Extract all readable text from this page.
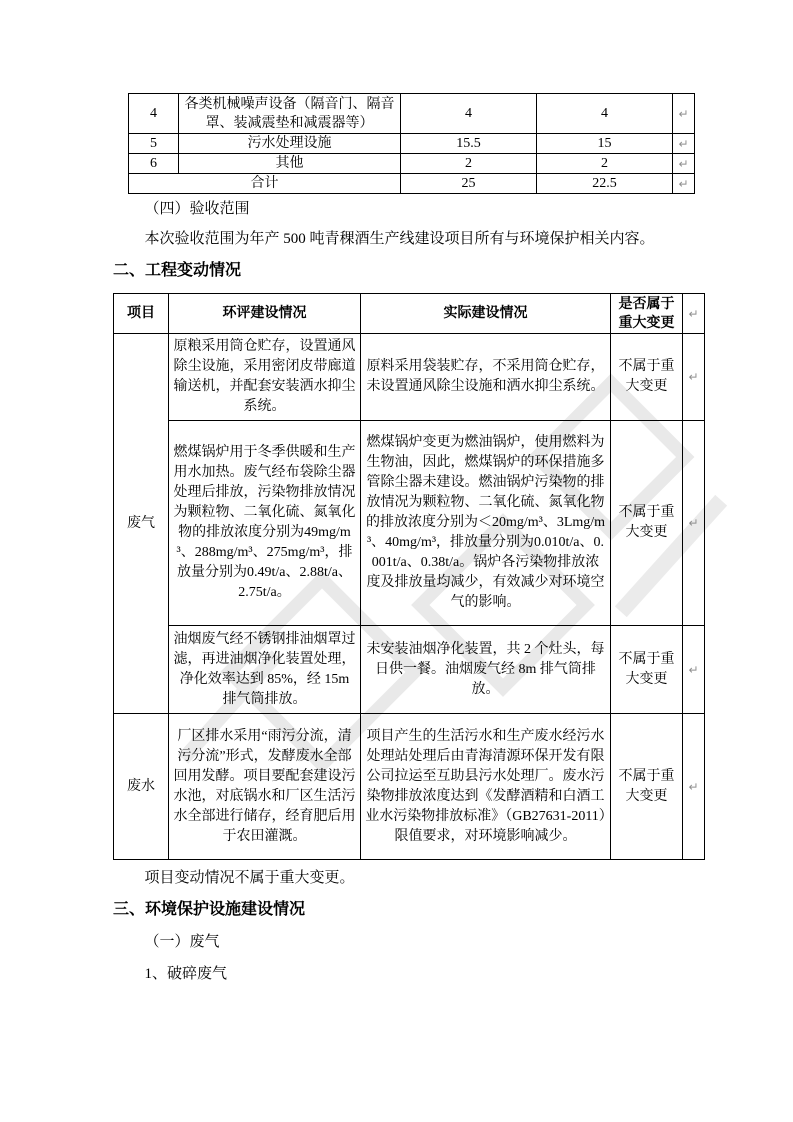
4	各类机械噪声设备（隔音门、隔音罩、装减震垫和减震器等）	4	4	↵
5	污水处理设施	15.5	15	↵
6	其他	2	2	↵
合计		25	22.5	↵

（四）验收范围

本次验收范围为年产 500 吨青稞酒生产线建设项目所有与环境保护相关内容。

二、工程变动情况

项目	环评建设情况	实际建设情况	是否属于重大变更	↵
废气	原粮采用筒仓贮存，设置通风除尘设施，采用密闭皮带廊道输送机，并配套安装洒水抑尘系统。	原料采用袋装贮存，不采用筒仓贮存，未设置通风除尘设施和洒水抑尘系统。	不属于重大变更	↵
	燃煤锅炉用于冬季供暖和生产用水加热。废气经布袋除尘器处理后排放，污染物排放情况为颗粒物、二氧化硫、氮氧化物的排放浓度分别为49mg/m³、288mg/m³、275mg/m³，排放量分别为0.49t/a、2.88t/a、2.75t/a。	燃煤锅炉变更为燃油锅炉，使用燃料为生物油，因此，燃煤锅炉的环保措施多管除尘器未建设。燃油锅炉污染物的排放情况为颗粒物、二氧化硫、氮氧化物的排放浓度分别为＜20mg/m³、3Lmg/m³、40mg/m³，排放量分别为0.010t/a、0.001t/a、0.38t/a。锅炉各污染物排放浓度及排放量均减少，有效减少对环境空气的影响。	不属于重大变更	↵
	油烟废气经不锈钢排油烟罩过滤，再进油烟净化装置处理，净化效率达到 85%，经 15m 排气筒排放。	未安装油烟净化装置，共 2 个灶头，每日供一餐。油烟废气经 8m 排气筒排放。	不属于重大变更	↵
废水	厂区排水采用“雨污分流，清污分流”形式，发酵废水全部回用发酵。项目要配套建设污水池，对底锅水和厂区生活污水全部进行储存，经育肥后用于农田灌溉。	项目产生的生活污水和生产废水经污水处理站处理后由青海清源环保开发有限公司拉运至互助县污水处理厂。废水污染物排放浓度达到《发酵酒精和白酒工业水污染物排放标准》（GB27631-2011）限值要求，对环境影响减少。	不属于重大变更	↵

项目变动情况不属于重大变更。

三、环境保护设施建设情况

（一）废气

1、破碎废气
